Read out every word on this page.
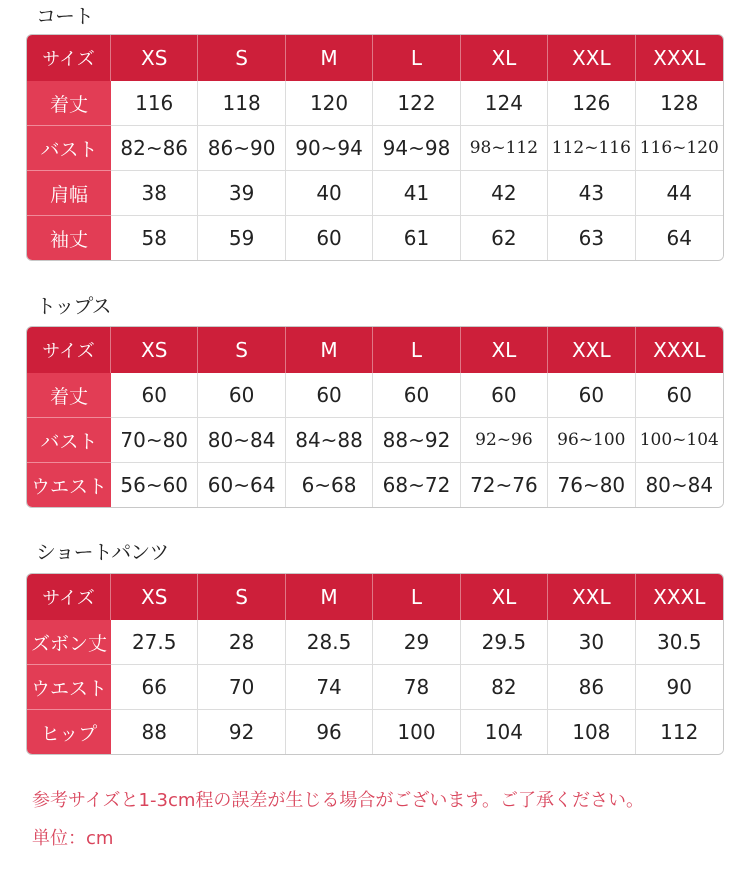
コート
サイズ	XS	S	M	L	XL	XXL	XXXL
着丈	116	118	120	122	124	126	128
バスト	82~86	86~90	90~94	94~98	98~112	112~116	116~120
肩幅	38	39	40	41	42	43	44
袖丈	58	59	60	61	62	63	64
トップス
サイズ	XS	S	M	L	XL	XXL	XXXL
着丈	60	60	60	60	60	60	60
バスト	70~80	80~84	84~88	88~92	92~96	96~100	100~104
ウエスト	56~60	60~64	6~68	68~72	72~76	76~80	80~84
ショートパンツ
サイズ	XS	S	M	L	XL	XXL	XXXL
ズボン丈	27.5	28	28.5	29	29.5	30	30.5
ウエスト	66	70	74	78	82	86	90
ヒップ	88	92	96	100	104	108	112
参考サイズと1-3cm程の誤差が生じる場合がございます。ご了承ください。
単位：cm
